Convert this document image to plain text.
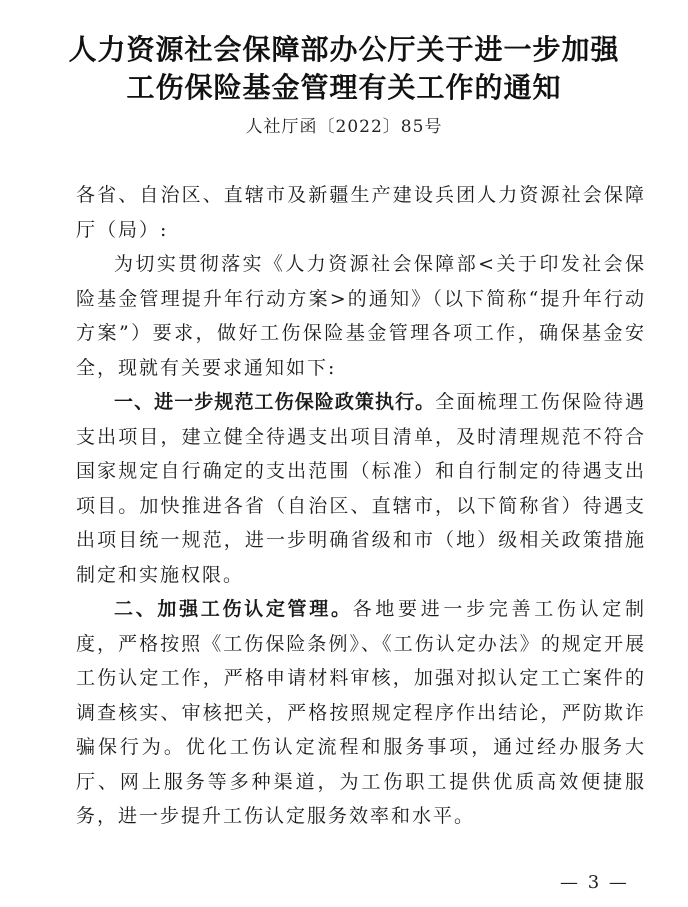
人力资源社会保障部办公厅关于进一步加强
工伤保险基金管理有关工作的通知
人社厅函〔2022〕85号

各省、自治区、直辖市及新疆生产建设兵团人力资源社会保障厅（局）:

为切实贯彻落实《人力资源社会保障部<关于印发社会保险基金管理提升年行动方案>的通知》（以下简称“提升年行动方案”）要求，做好工伤保险基金管理各项工作，确保基金安全，现就有关要求通知如下:

一、进一步规范工伤保险政策执行。全面梳理工伤保险待遇支出项目，建立健全待遇支出项目清单，及时清理规范不符合国家规定自行确定的支出范围（标准）和自行制定的待遇支出项目。加快推进各省（自治区、直辖市，以下简称省）待遇支出项目统一规范，进一步明确省级和市（地）级相关政策措施制定和实施权限。

二、加强工伤认定管理。各地要进一步完善工伤认定制度，严格按照《工伤保险条例》、《工伤认定办法》的规定开展工伤认定工作，严格申请材料审核，加强对拟认定工亡案件的调查核实、审核把关，严格按照规定程序作出结论，严防欺诈骗保行为。优化工伤认定流程和服务事项，通过经办服务大厅、网上服务等多种渠道，为工伤职工提供优质高效便捷服务，进一步提升工伤认定服务效率和水平。

— 3 —
